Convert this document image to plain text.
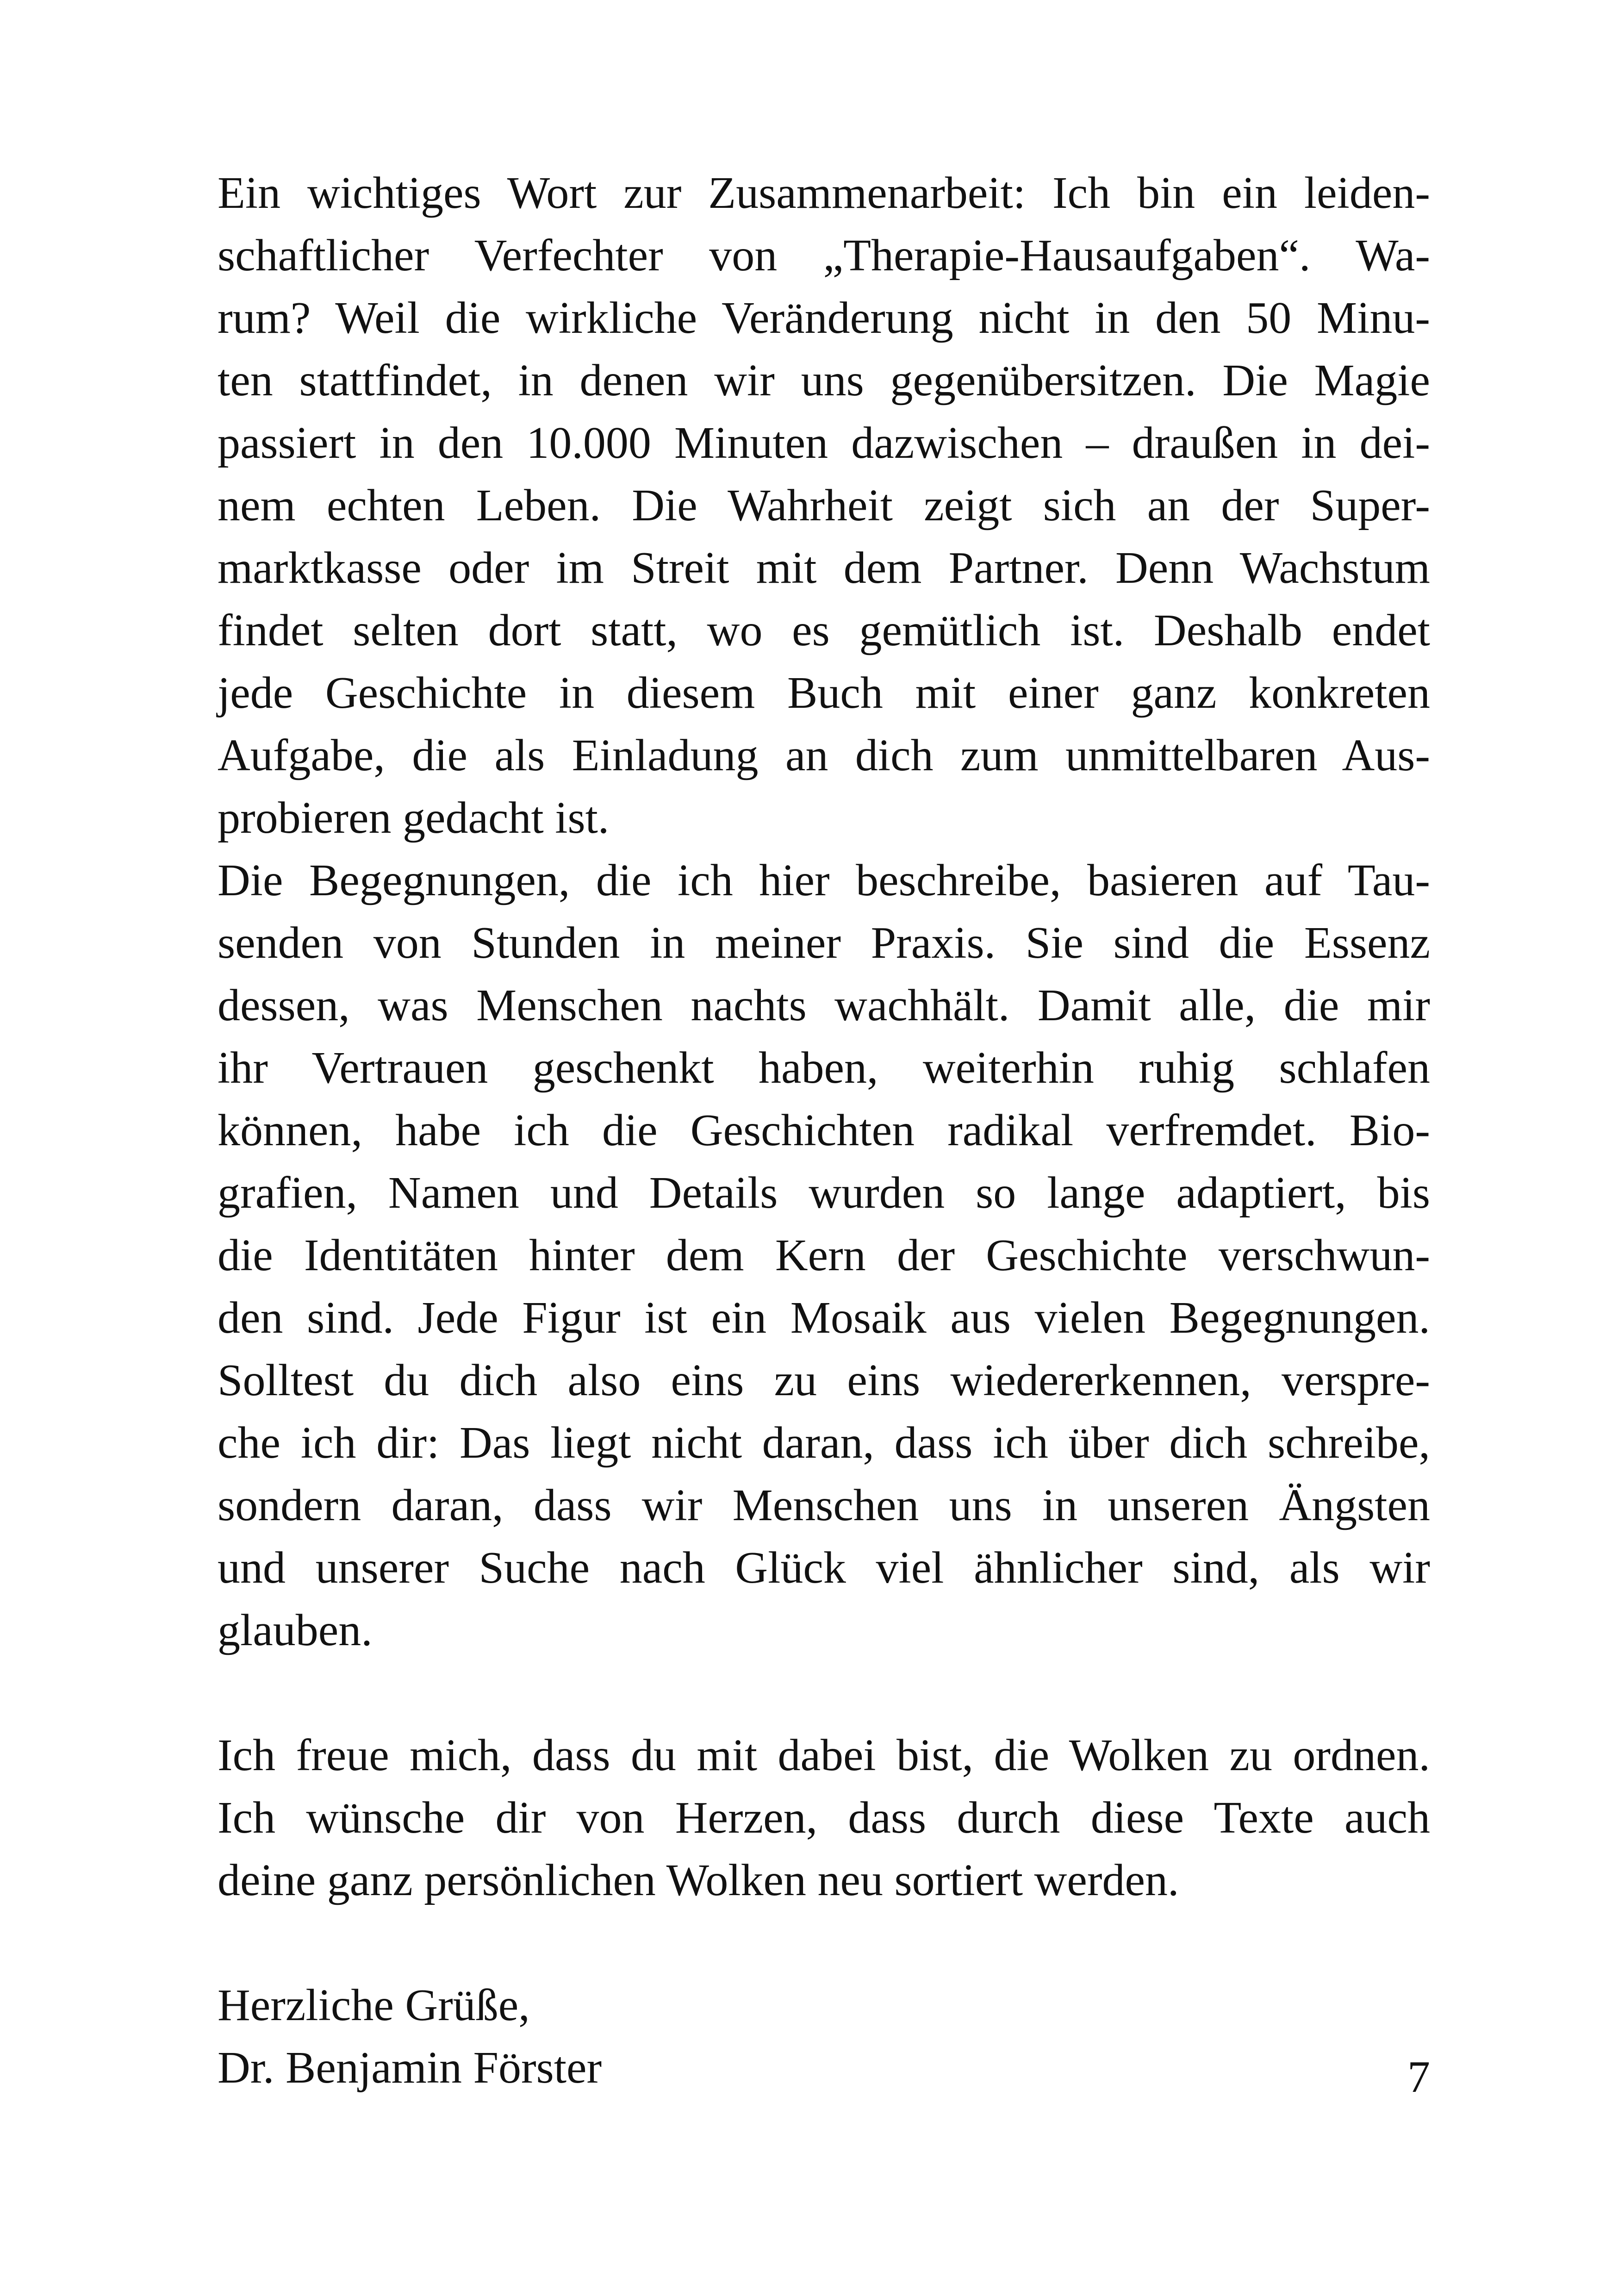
Ein wichtiges Wort zur Zusammenarbeit: Ich bin ein leiden-
schaftlicher Verfechter von „Therapie-Hausaufgaben“. Wa-
rum? Weil die wirkliche Veränderung nicht in den 50 Minu-
ten stattfindet, in denen wir uns gegenübersitzen. Die Magie
passiert in den 10.000 Minuten dazwischen – draußen in dei-
nem echten Leben. Die Wahrheit zeigt sich an der Super-
marktkasse oder im Streit mit dem Partner. Denn Wachstum
findet selten dort statt, wo es gemütlich ist. Deshalb endet
jede Geschichte in diesem Buch mit einer ganz konkreten
Aufgabe, die als Einladung an dich zum unmittelbaren Aus-
probieren gedacht ist.
Die Begegnungen, die ich hier beschreibe, basieren auf Tau-
senden von Stunden in meiner Praxis. Sie sind die Essenz
dessen, was Menschen nachts wachhält. Damit alle, die mir
ihr Vertrauen geschenkt haben, weiterhin ruhig schlafen
können, habe ich die Geschichten radikal verfremdet. Bio-
grafien, Namen und Details wurden so lange adaptiert, bis
die Identitäten hinter dem Kern der Geschichte verschwun-
den sind. Jede Figur ist ein Mosaik aus vielen Begegnungen.
Solltest du dich also eins zu eins wiedererkennen, verspre-
che ich dir: Das liegt nicht daran, dass ich über dich schreibe,
sondern daran, dass wir Menschen uns in unseren Ängsten
und unserer Suche nach Glück viel ähnlicher sind, als wir
glauben.
Ich freue mich, dass du mit dabei bist, die Wolken zu ordnen.
Ich wünsche dir von Herzen, dass durch diese Texte auch
deine ganz persönlichen Wolken neu sortiert werden.
Herzliche Grüße,
Dr. Benjamin Förster	7
